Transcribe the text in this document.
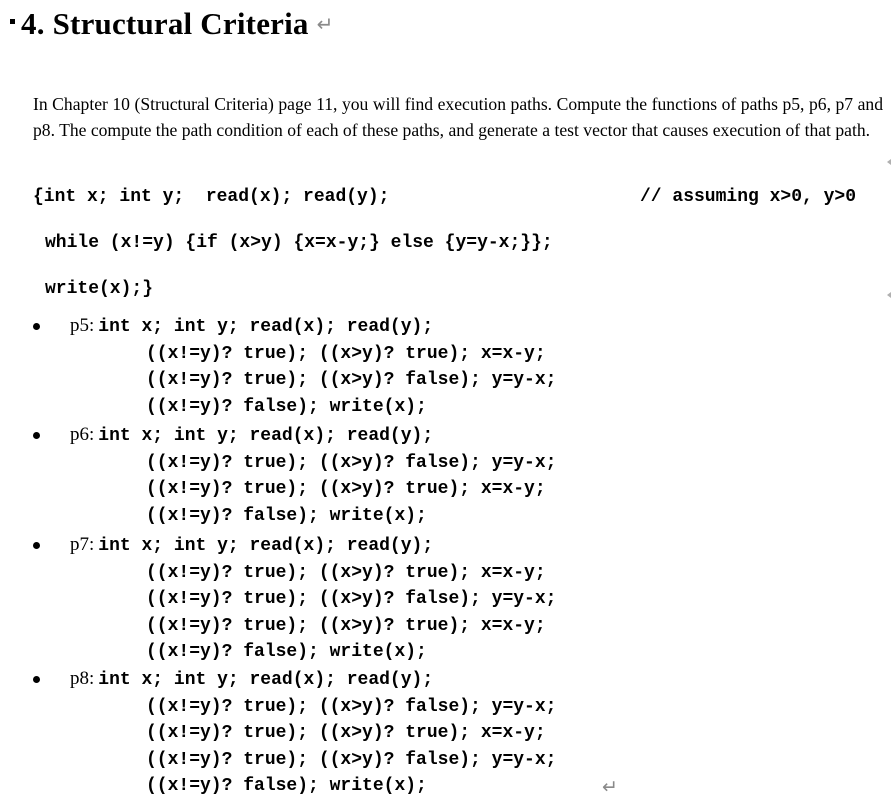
4. Structural Criteria ↵
In Chapter 10 (Structural Criteria) page 11, you will find execution paths. Compute the functions of paths p5, p6, p7 and p8. The compute the path condition of each of these paths, and generate a test vector that causes execution of that path.
{int x; int y;  read(x); read(y);	// assuming x>0, y>0
while (x!=y) {if (x>y) {x=x-y;} else {y=y-x;}};
write(x);}
p5: int x; int y; read(x); read(y);
((x!=y)? true); ((x>y)? true); x=x-y;
((x!=y)? true); ((x>y)? false); y=y-x;
((x!=y)? false); write(x);
p6: int x; int y; read(x); read(y);
((x!=y)? true); ((x>y)? false); y=y-x;
((x!=y)? true); ((x>y)? true); x=x-y;
((x!=y)? false); write(x);
p7: int x; int y; read(x); read(y);
((x!=y)? true); ((x>y)? true); x=x-y;
((x!=y)? true); ((x>y)? false); y=y-x;
((x!=y)? true); ((x>y)? true); x=x-y;
((x!=y)? false); write(x);
p8: int x; int y; read(x); read(y);
((x!=y)? true); ((x>y)? false); y=y-x;
((x!=y)? true); ((x>y)? true); x=x-y;
((x!=y)? true); ((x>y)? false); y=y-x;
((x!=y)? false); write(x);	↵
